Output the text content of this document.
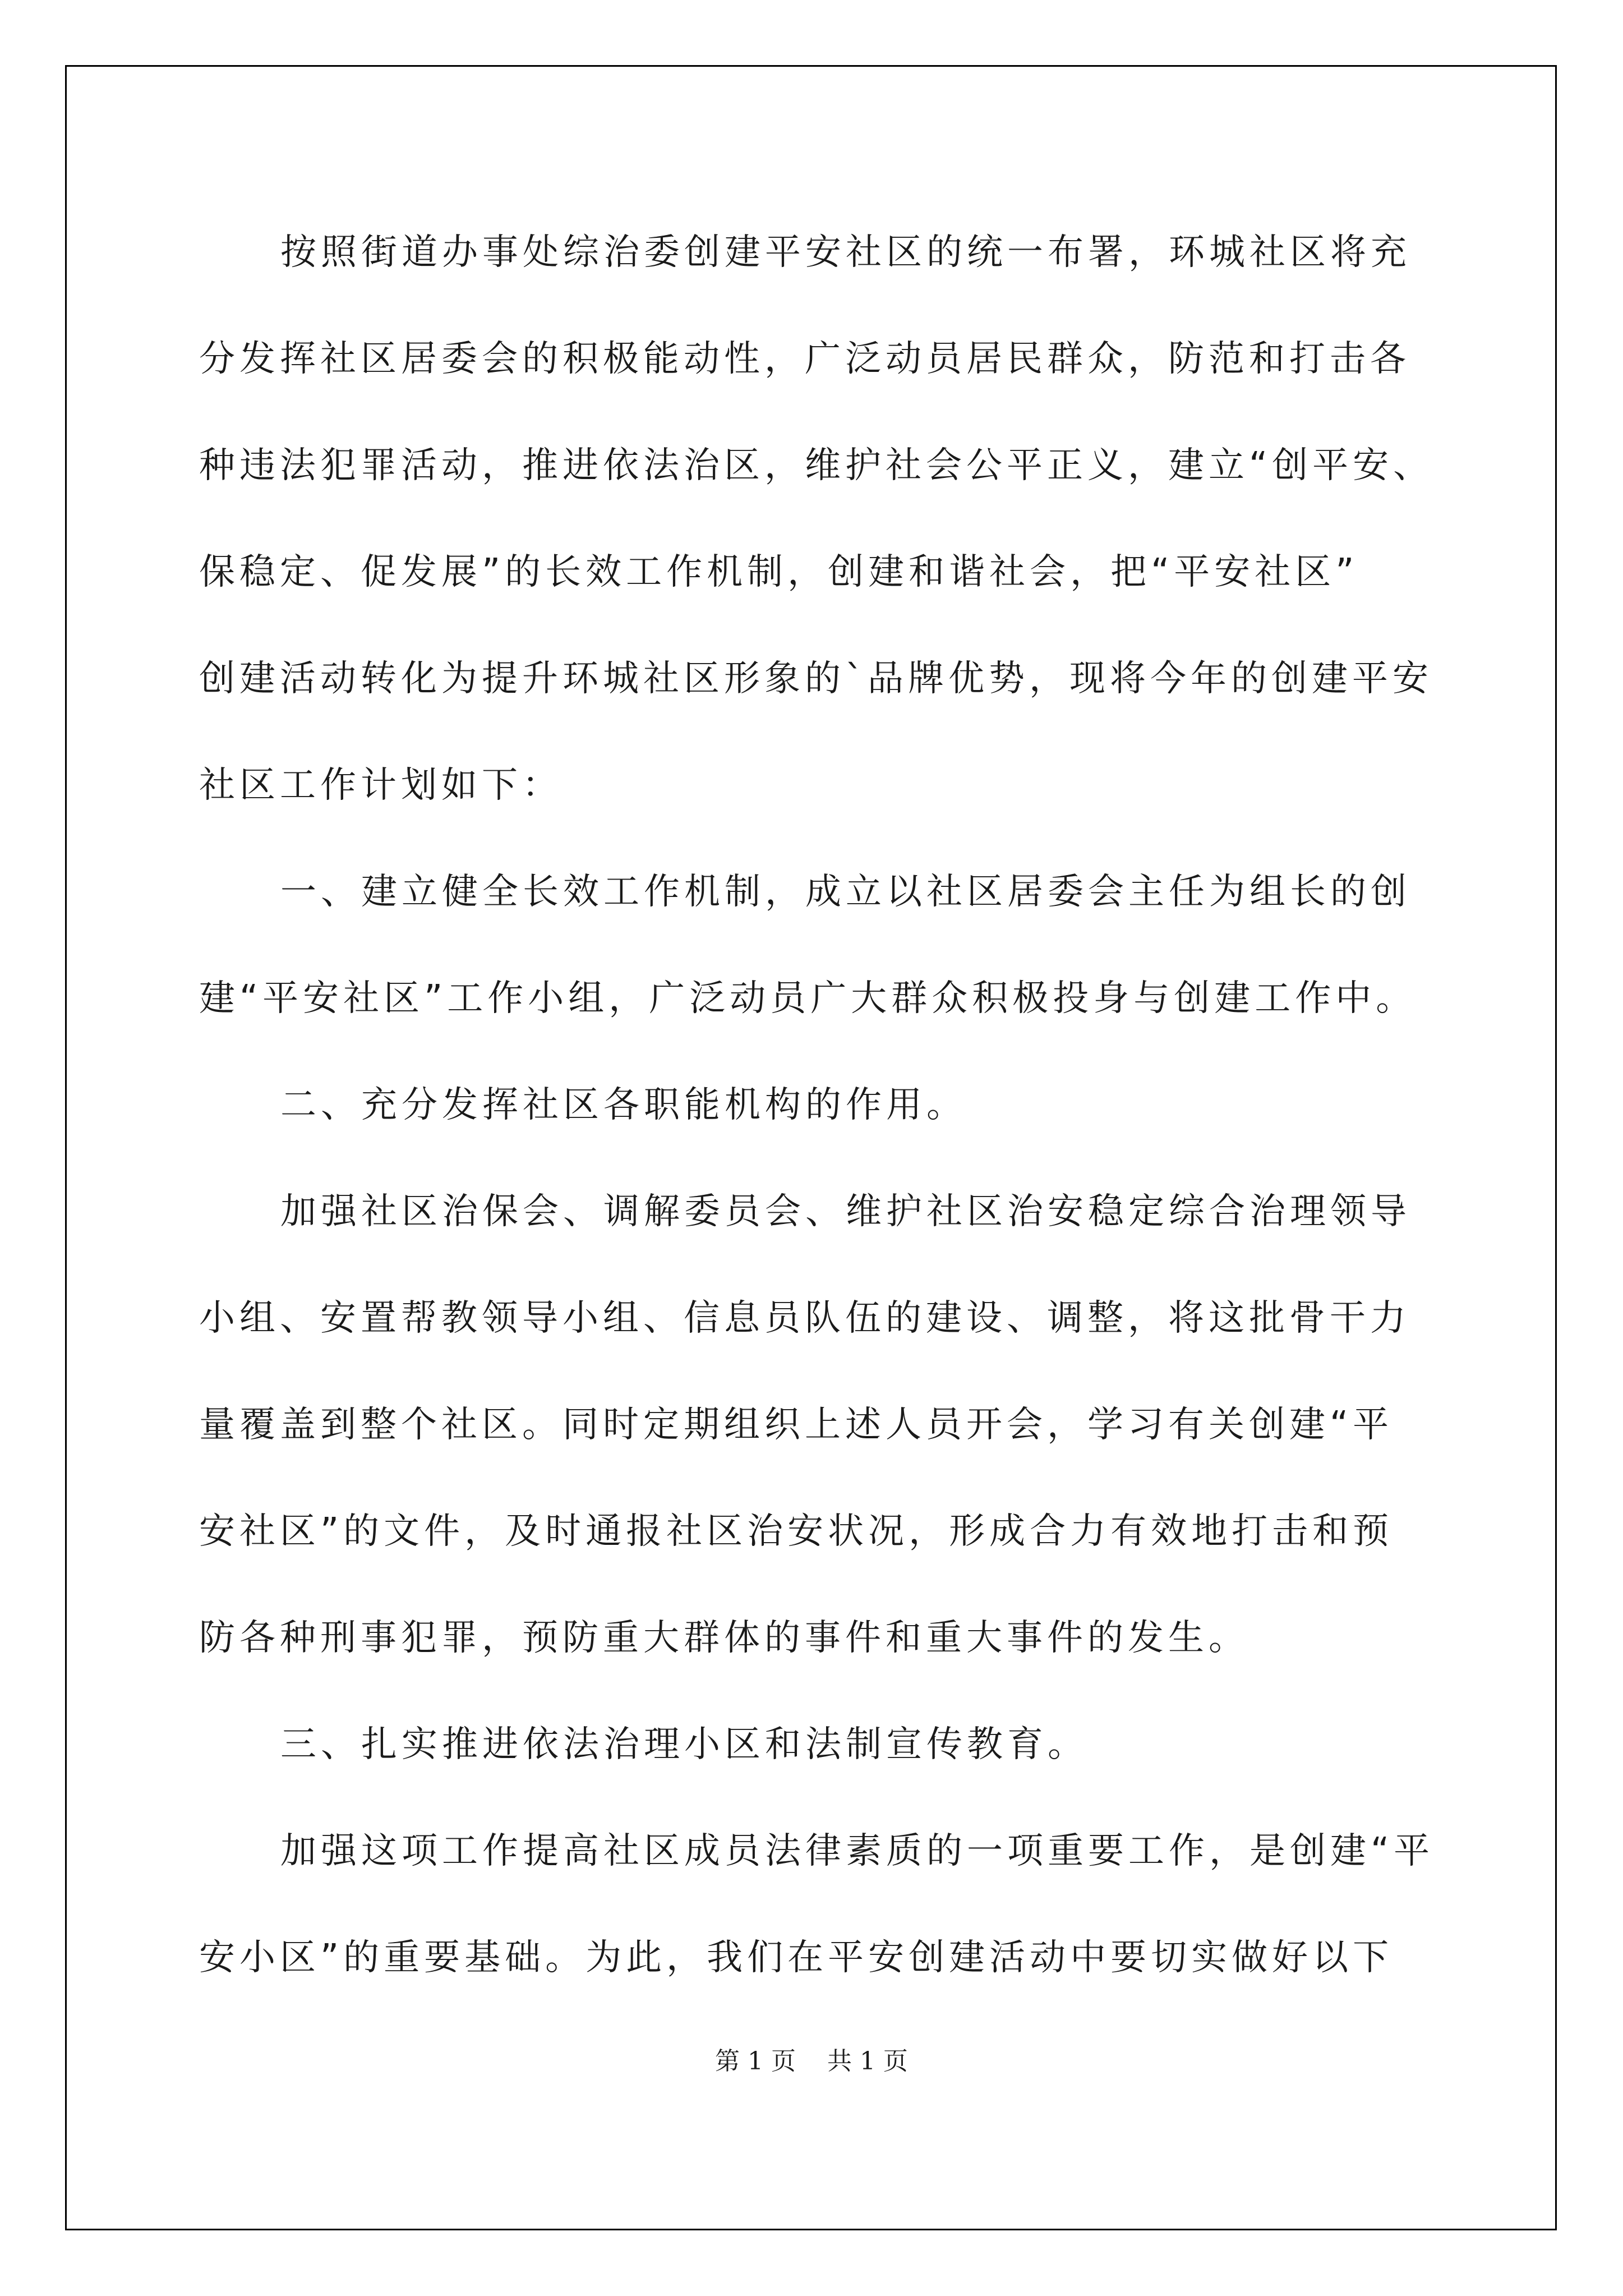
按照街道办事处综治委创建平安社区的统一布署，环城社区将充
分发挥社区居委会的积极能动性，广泛动员居民群众，防范和打击各
种违法犯罪活动，推进依法治区，维护社会公平正义，建立“创平安、
保稳定、促发展”的长效工作机制，创建和谐社会，把“平安社区”
创建活动转化为提升环城社区形象的`品牌优势，现将今年的创建平安
社区工作计划如下：
一、建立健全长效工作机制，成立以社区居委会主任为组长的创
建“平安社区”工作小组，广泛动员广大群众积极投身与创建工作中。
二、充分发挥社区各职能机构的作用。
加强社区治保会、调解委员会、维护社区治安稳定综合治理领导
小组、安置帮教领导小组、信息员队伍的建设、调整，将这批骨干力
量覆盖到整个社区。同时定期组织上述人员开会，学习有关创建“平
安社区”的文件，及时通报社区治安状况，形成合力有效地打击和预
防各种刑事犯罪，预防重大群体的事件和重大事件的发生。
三、扎实推进依法治理小区和法制宣传教育。
加强这项工作提高社区成员法律素质的一项重要工作，是创建“平
安小区”的重要基础。为此，我们在平安创建活动中要切实做好以下
第 1 页    共 1 页
